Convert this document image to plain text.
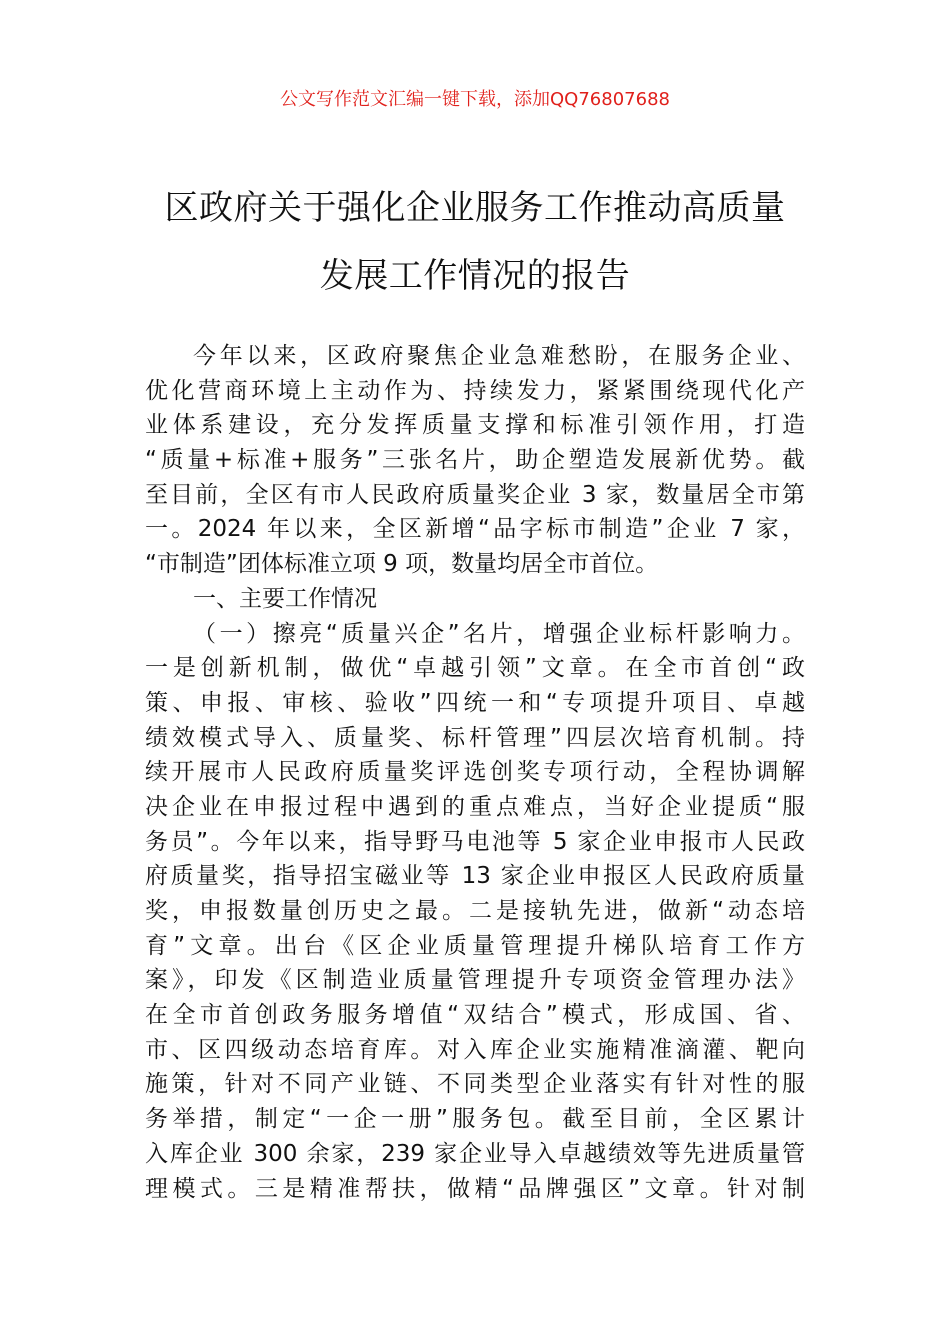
公文写作范文汇编一键下载，添加QQ76807688
区政府关于强化企业服务工作推动高质量
发展工作情况的报告
今年以来，区政府聚焦企业急难愁盼，在服务企业、
优化营商环境上主动作为、持续发力，紧紧围绕现代化产
业体系建设，充分发挥质量支撑和标准引领作用，打造
“质量+标准+服务”三张名片，助企塑造发展新优势。截
至目前，全区有市人民政府质量奖企业 3 家，数量居全市第
一。2024 年以来，全区新增“品字标市制造”企业 7 家，
“市制造”团体标准立项 9 项，数量均居全市首位。
一、主要工作情况
（一）擦亮“质量兴企”名片，增强企业标杆影响力。
一是创新机制，做优“卓越引领”文章。在全市首创“政
策、申报、审核、验收”四统一和“专项提升项目、卓越
绩效模式导入、质量奖、标杆管理”四层次培育机制。持
续开展市人民政府质量奖评选创奖专项行动，全程协调解
决企业在申报过程中遇到的重点难点，当好企业提质“服
务员”。今年以来，指导野马电池等 5 家企业申报市人民政
府质量奖，指导招宝磁业等 13 家企业申报区人民政府质量
奖，申报数量创历史之最。二是接轨先进，做新“动态培
育”文章。出台《区企业质量管理提升梯队培育工作方
案》，印发《区制造业质量管理提升专项资金管理办法》
在全市首创政务服务增值“双结合”模式，形成国、省、
市、区四级动态培育库。对入库企业实施精准滴灌、靶向
施策，针对不同产业链、不同类型企业落实有针对性的服
务举措，制定“一企一册”服务包。截至目前，全区累计
入库企业 300 余家，239 家企业导入卓越绩效等先进质量管
理模式。三是精准帮扶，做精“品牌强区”文章。针对制
